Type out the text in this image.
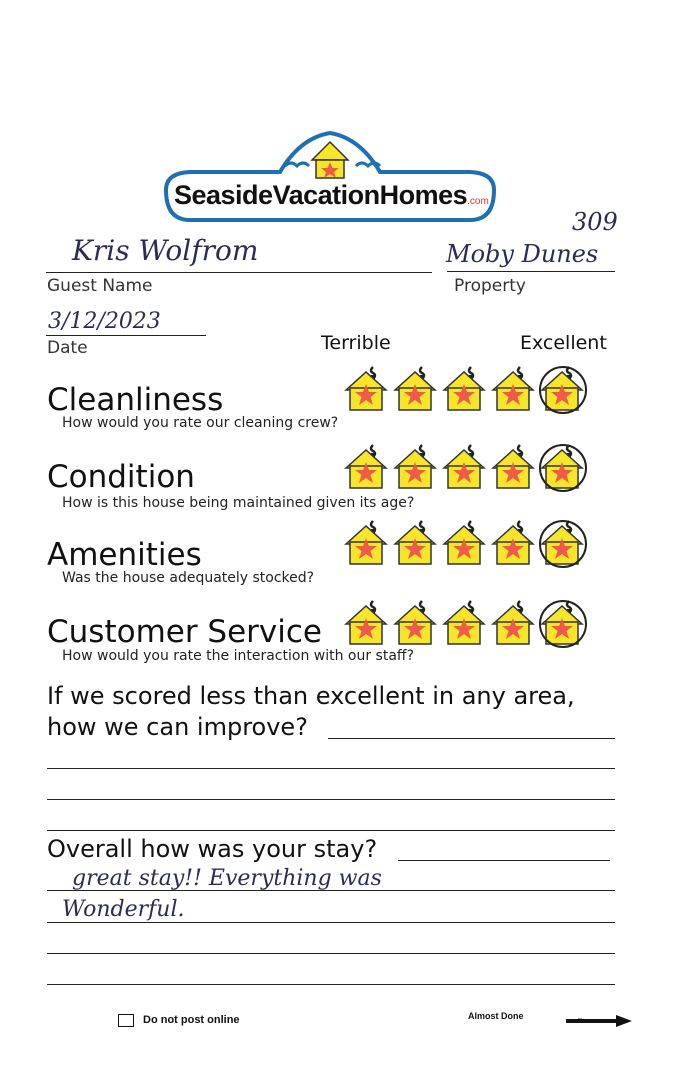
SeasideVacationHomes.com
309
Kris Wolfrom
Guest Name
Moby Dunes
Property
3/12/2023
Date	Terrible	Excellent
Cleanliness
How would you rate our cleaning crew?
Condition
How is this house being maintained given its age?
Amenities
Was the house adequately stocked?
Customer Service
How would you rate the interaction with our staff?
If we scored less than excellent in any area,
how we can improve?
Overall how was your stay?
great stay!! Everything was
Wonderful.
Do not post online	Almost Done	Flip
